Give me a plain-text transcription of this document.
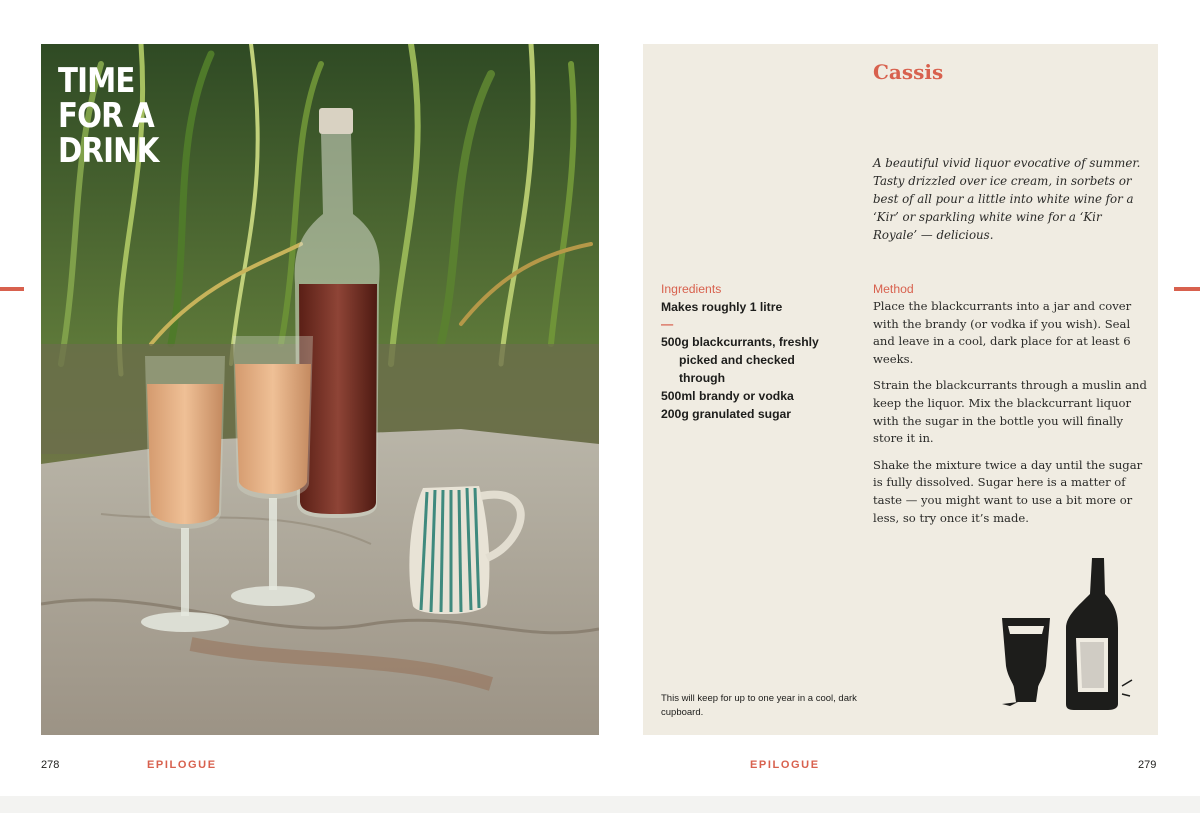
TIME
FOR A
DRINK
Cassis

A beautiful vivid liquor evocative of summer. Tasty drizzled over ice cream, in sorbets or best of all pour a little into white wine for a ‘Kir’ or sparkling white wine for a ‘Kir Royale’ — delicious.

Ingredients
Makes roughly 1 litre
—
500g blackcurrants, freshly picked and checked through
500ml brandy or vodka
200g granulated sugar
Method

Place the blackcurrants into a jar and cover with the brandy (or vodka if you wish). Seal and leave in a cool, dark place for at least 6 weeks.

Strain the blackcurrants through a muslin and keep the liquor. Mix the blackcurrant liquor with the sugar in the bottle you will finally store it in.

Shake the mixture twice a day until the sugar is fully dissolved. Sugar here is a matter of taste — you might want to use a bit more or less, so try once it’s made.

This will keep for up to one year in a cool, dark cupboard.

278	EPILOGUE	EPILOGUE	279
